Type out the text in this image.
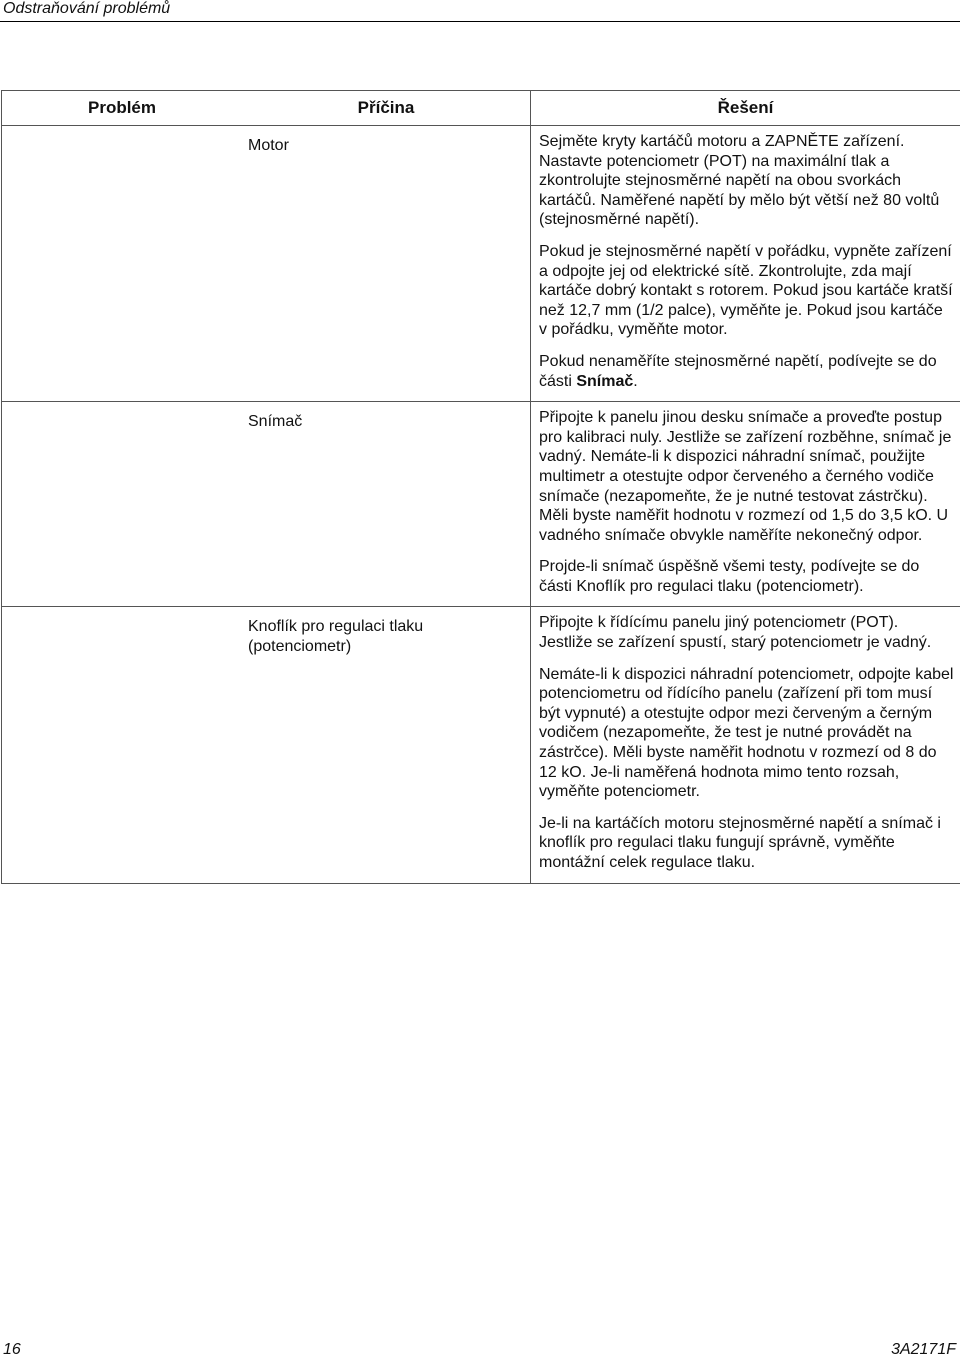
Odstraňování problémů
Problém	Příčina	Řešení

	Motor	Sejměte kryty kartáčů motoru a ZAPNĚTE zařízení. Nastavte potenciometr (POT) na maximální tlak a zkontrolujte stejnosměrné napětí na obou svorkách kartáčů. Naměřené napětí by mělo být větší než 80 voltů (stejnosměrné napětí).

Pokud je stejnosměrné napětí v pořádku, vypněte zařízení a odpojte jej od elektrické sítě. Zkontrolujte, zda mají kartáče dobrý kontakt s rotorem. Pokud jsou kartáče kratší než 12,7 mm (1/2 palce), vyměňte je. Pokud jsou kartáče v pořádku, vyměňte motor.

Pokud nenaměříte stejnosměrné napětí, podívejte se do části Snímač.

	Snímač	Připojte k panelu jinou desku snímače a proveďte postup pro kalibraci nuly. Jestliže se zařízení rozběhne, snímač je vadný. Nemáte-li k dispozici náhradní snímač, použijte multimetr a otestujte odpor červeného a černého vodiče snímače (nezapomeňte, že je nutné testovat zástrčku). Měli byste naměřit hodnotu v rozmezí od 1,5 do 3,5 kO. U vadného snímače obvykle naměříte nekonečný odpor.

Projde-li snímač úspěšně všemi testy, podívejte se do části Knoflík pro regulaci tlaku (potenciometr).

	Knoflík pro regulaci tlaku (potenciometr)	Připojte k řídícímu panelu jiný potenciometr (POT). Jestliže se zařízení spustí, starý potenciometr je vadný.

Nemáte-li k dispozici náhradní potenciometr, odpojte kabel potenciometru od řídícího panelu (zařízení při tom musí být vypnuté) a otestujte odpor mezi červeným a černým vodičem (nezapomeňte, že test je nutné provádět na zástrčce). Měli byste naměřit hodnotu v rozmezí od 8 do 12 kO. Je-li naměřená hodnota mimo tento rozsah, vyměňte potenciometr.

Je-li na kartáčích motoru stejnosměrné napětí a snímač i knoflík pro regulaci tlaku fungují správně, vyměňte montážní celek regulace tlaku.

16	3A2171F
